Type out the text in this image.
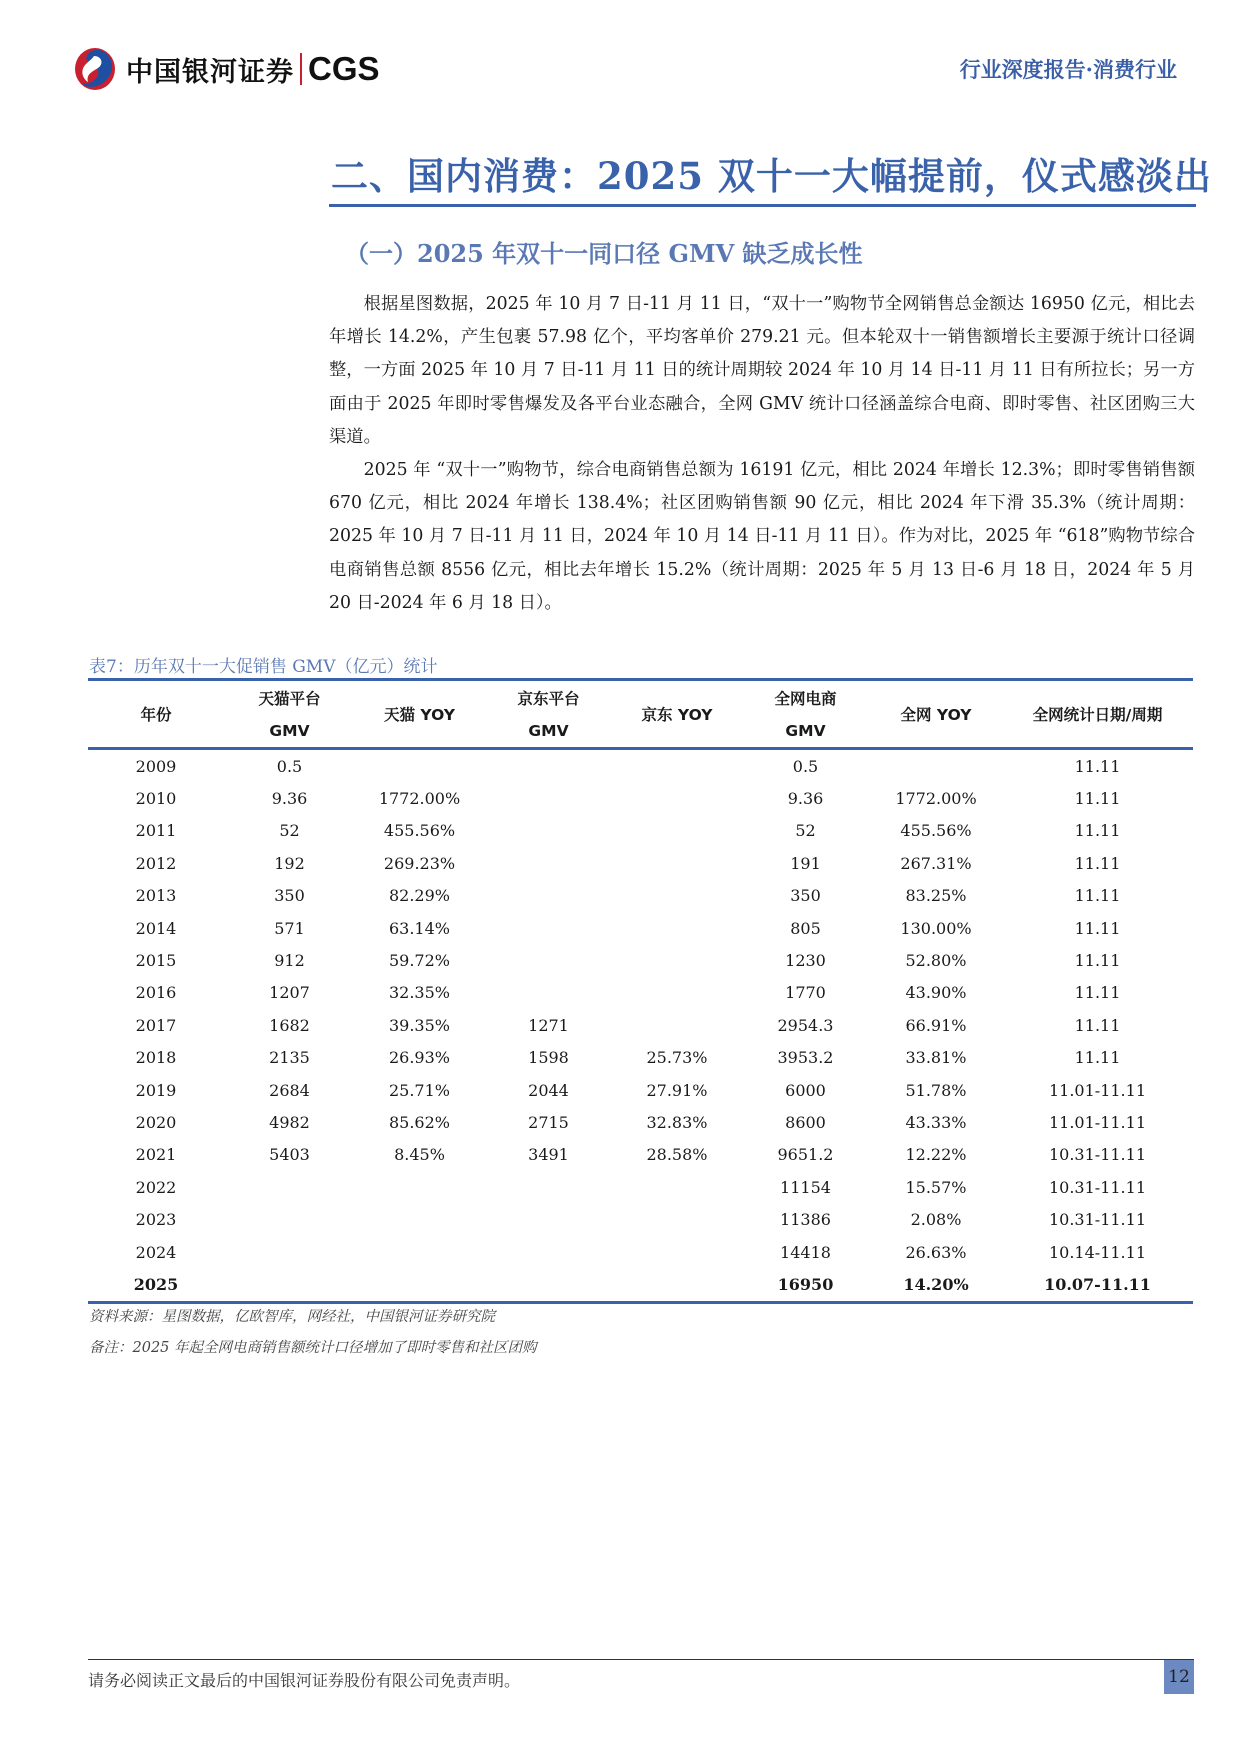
中国银河证券 CGS	行业深度报告·消费行业
二、国内消费：2025 双十一大幅提前，仪式感淡出
（一）2025 年双十一同口径 GMV 缺乏成长性

根据星图数据，2025 年 10 月 7 日-11 月 11 日，“双十一”购物节全网销售总金额达 16950 亿元，相比去年增长 14.2%，产生包裹 57.98 亿个，平均客单价 279.21 元。但本轮双十一销售额增长主要源于统计口径调整，一方面 2025 年 10 月 7 日-11 月 11 日的统计周期较 2024 年 10 月 14 日-11 月 11 日有所拉长；另一方面由于 2025 年即时零售爆发及各平台业态融合，全网 GMV 统计口径涵盖综合电商、即时零售、社区团购三大渠道。

2025 年 “双十一”购物节，综合电商销售总额为 16191 亿元，相比 2024 年增长 12.3%；即时零售销售额 670 亿元，相比 2024 年增长 138.4%；社区团购销售额 90 亿元，相比 2024 年下滑 35.3%（统计周期：2025 年 10 月 7 日-11 月 11 日，2024 年 10 月 14 日-11 月 11 日）。作为对比，2025 年 “618”购物节综合电商销售总额 8556 亿元，相比去年增长 15.2%（统计周期：2025 年 5 月 13 日-6 月 18 日，2024 年 5 月 20 日-2024 年 6 月 18 日）。

表7：历年双十一大促销售 GMV（亿元）统计
年份	天猫平台	天猫 YOY	京东平台	京东 YOY	全网电商	全网 YOY	全网统计日期/周期
	GMV		GMV		GMV		
2009	0.5				0.5		11.11
2010	9.36	1772.00%			9.36	1772.00%	11.11
2011	52	455.56%			52	455.56%	11.11
2012	192	269.23%			191	267.31%	11.11
2013	350	82.29%			350	83.25%	11.11
2014	571	63.14%			805	130.00%	11.11
2015	912	59.72%			1230	52.80%	11.11
2016	1207	32.35%			1770	43.90%	11.11
2017	1682	39.35%	1271		2954.3	66.91%	11.11
2018	2135	26.93%	1598	25.73%	3953.2	33.81%	11.11
2019	2684	25.71%	2044	27.91%	6000	51.78%	11.01-11.11
2020	4982	85.62%	2715	32.83%	8600	43.33%	11.01-11.11
2021	5403	8.45%	3491	28.58%	9651.2	12.22%	10.31-11.11
2022					11154	15.57%	10.31-11.11
2023					11386	2.08%	10.31-11.11
2024					14418	26.63%	10.14-11.11
2025					16950	14.20%	10.07-11.11
资料来源：星图数据，亿欧智库，网经社，中国银河证券研究院
备注：2025 年起全网电商销售额统计口径增加了即时零售和社区团购
请务必阅读正文最后的中国银河证券股份有限公司免责声明。	12
